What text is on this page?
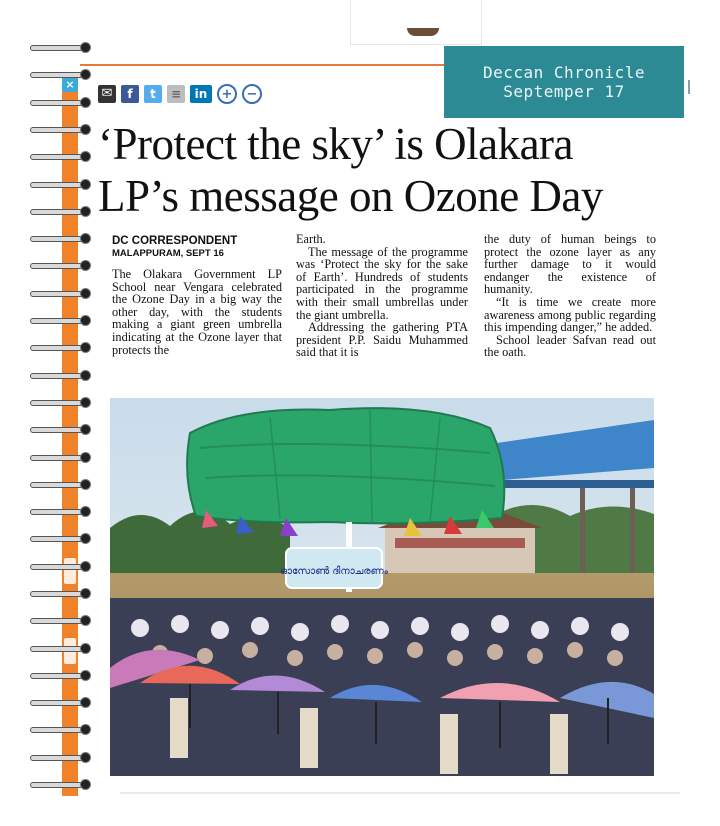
×
Deccan Chronicle
Septemper 17
✉	f	t	≡	in	+	−
‘Protect the sky’ is Olakara
LP’s message on Ozone Day
DC CORRESPONDENT
MALAPPURAM, SEPT 16

The Olakara Government LP School near Vengara celebrated the Ozone Day in a big way the other day, with the students making a giant green umbrella indicating at the Ozone layer that protects the

Earth.

The message of the programme was ‘Protect the sky for the sake of Earth’. Hundreds of students participated in the programme with their small umbrellas under the giant umbrella.

Addressing the gathering PTA president P.P. Saidu Muhammed said that it is

the duty of human beings to protect the ozone layer as any further damage to it would endanger the existence of humanity.

“It is time we create more awareness among public regarding this impending danger,” he added.

School leader Safvan read out the oath.

ഓസോൺ ദിനാചരണം
